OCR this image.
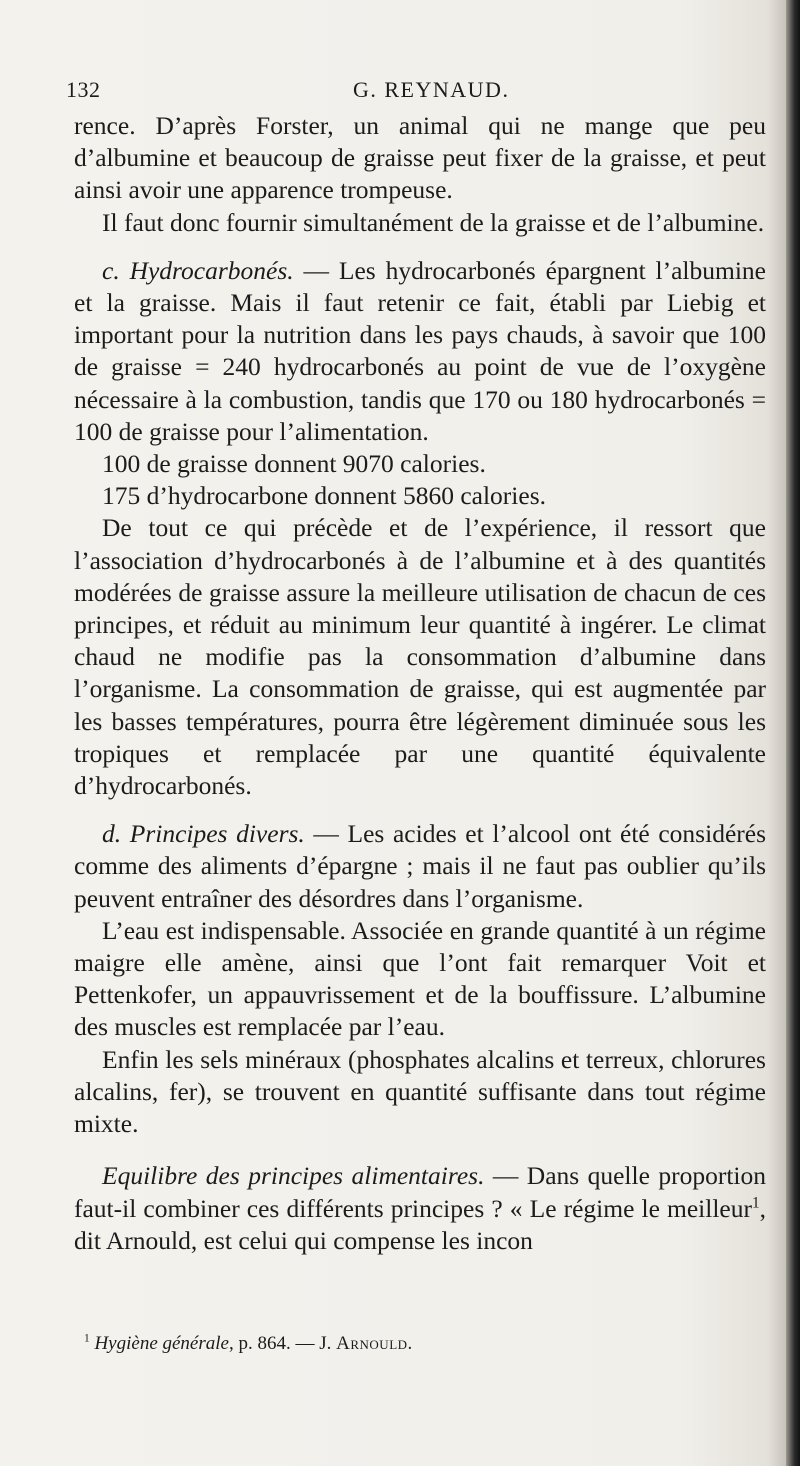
132	G. REYNAUD.

rence. D’après Forster, un animal qui ne mange que peu d’albumine et beaucoup de graisse peut fixer de la graisse, et peut ainsi avoir une apparence trompeuse.

Il faut donc fournir simultanément de la graisse et de l’albumine.

c. Hydrocarbonés. — Les hydrocarbonés épargnent l’albumine et la graisse. Mais il faut retenir ce fait, établi par Liebig et important pour la nutrition dans les pays chauds, à savoir que 100 de graisse = 240 hydrocarbonés au point de vue de l’oxygène nécessaire à la combustion, tandis que 170 ou 180 hydrocarbonés = 100 de graisse pour l’alimentation.

100 de graisse donnent 9070 calories.

175 d’hydrocarbone donnent 5860 calories.

De tout ce qui précède et de l’expérience, il ressort que l’association d’hydrocarbonés à de l’albumine et à des quantités modérées de graisse assure la meilleure utilisation de chacun de ces principes, et réduit au minimum leur quantité à ingérer. Le climat chaud ne modifie pas la consommation d’albumine dans l’organisme. La consommation de graisse, qui est augmentée par les basses températures, pourra être légèrement diminuée sous les tropiques et remplacée par une quantité équivalente d’hydrocarbonés.

d. Principes divers. — Les acides et l’alcool ont été considérés comme des aliments d’épargne ; mais il ne faut pas oublier qu’ils peuvent entraîner des désordres dans l’organisme.

L’eau est indispensable. Associée en grande quantité à un régime maigre elle amène, ainsi que l’ont fait remarquer Voit et Pettenkofer, un appauvrissement et de la bouffissure. L’albumine des muscles est remplacée par l’eau.

Enfin les sels minéraux (phosphates alcalins et terreux, chlorures alcalins, fer), se trouvent en quantité suffisante dans tout régime mixte.

Equilibre des principes alimentaires. — Dans quelle proportion faut-il combiner ces différents principes ? « Le régime le meilleur$^1$, dit Arnould, est celui qui compense les incon

$^1$ Hygiène générale, p. 864. — J. Arnould.
